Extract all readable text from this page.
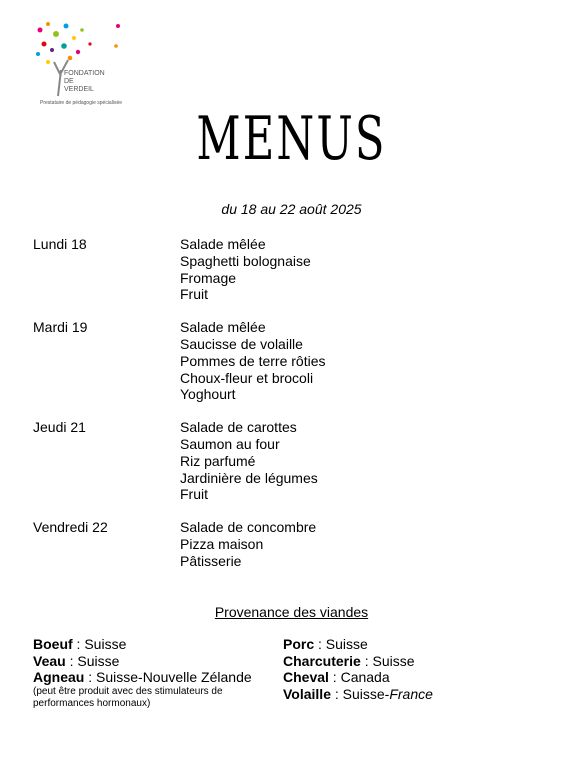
FONDATION
DE
VERDEIL
Prestataire de pédagogie spécialisée
MENUS
du 18 au 22 août 2025
Lundi 18	Salade mêlée
Spaghetti bolognaise
Fromage
Fruit
Mardi 19	Salade mêlée
Saucisse de volaille
Pommes de terre rôties
Choux-fleur et brocoli
Yoghourt
Jeudi 21	Salade de carottes
Saumon au four
Riz parfumé
Jardinière de légumes
Fruit
Vendredi 22	Salade de concombre
Pizza maison
Pâtisserie
Provenance des viandes
Boeuf : Suisse
Veau : Suisse
Agneau : Suisse-Nouvelle Zélande
(peut être produit avec des stimulateurs de
performances hormonaux)
Porc : Suisse
Charcuterie : Suisse
Cheval : Canada
Volaille : Suisse-France
